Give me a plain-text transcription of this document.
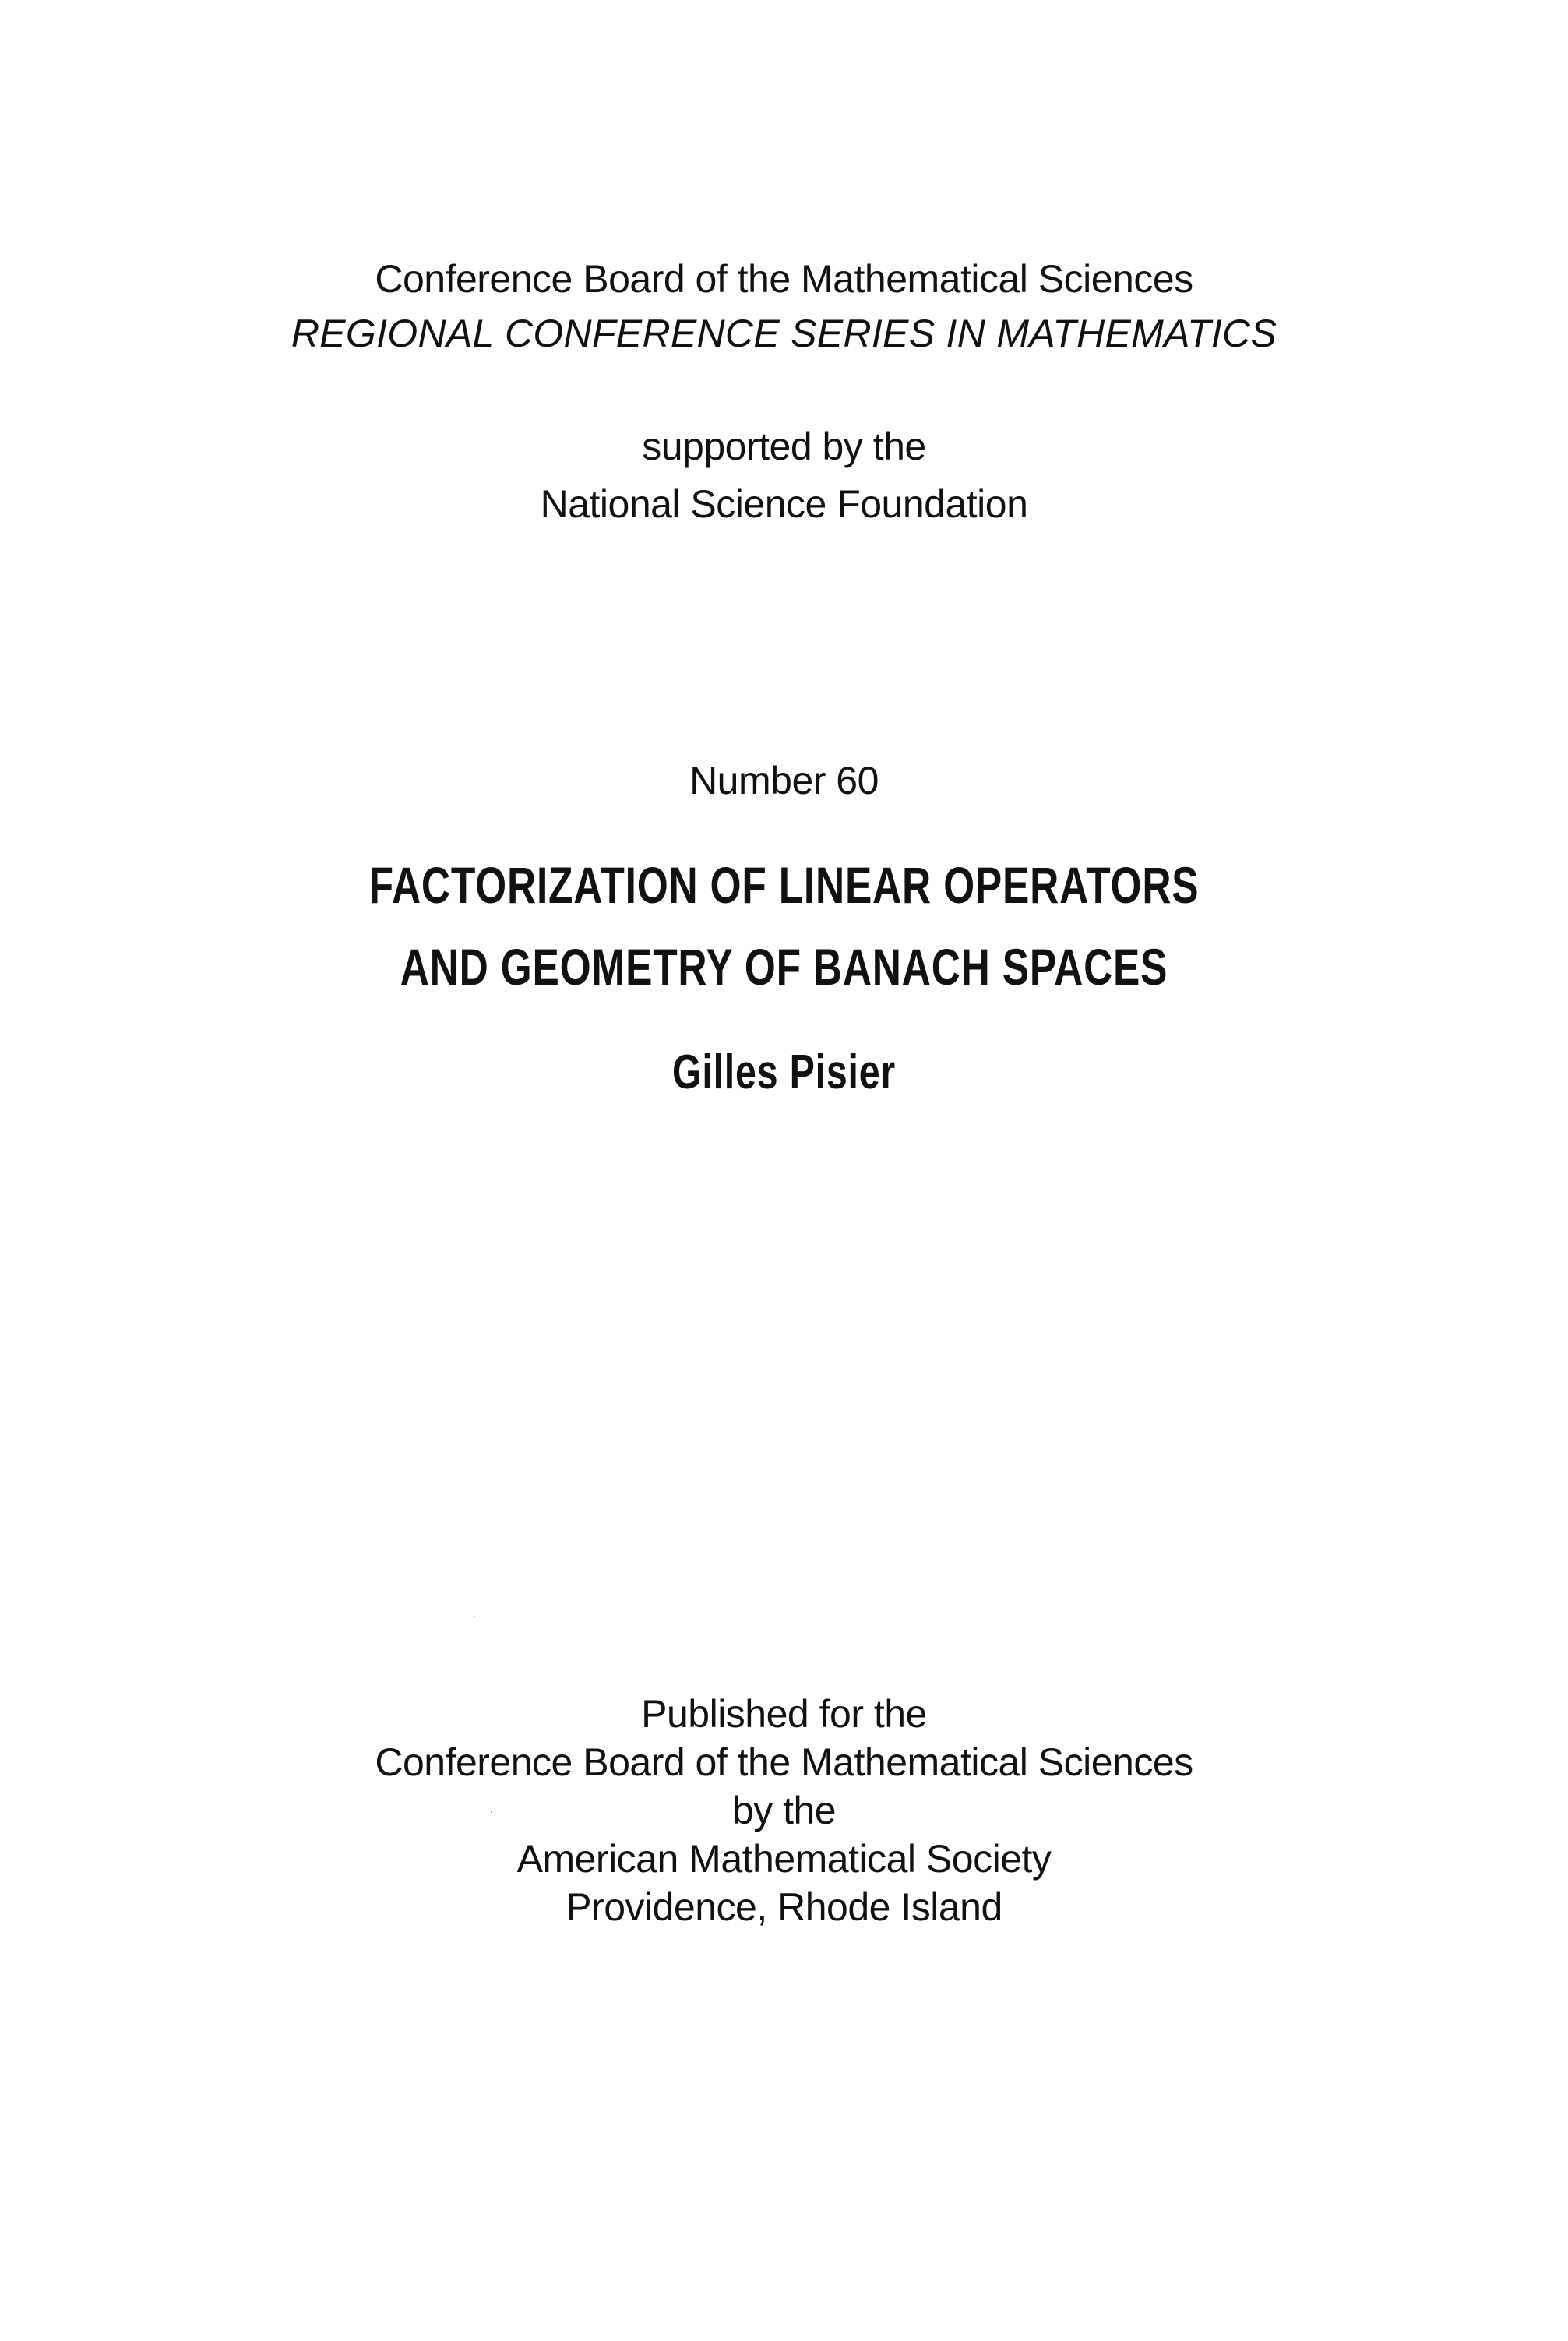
Conference Board of the Mathematical Sciences
REGIONAL CONFERENCE SERIES IN MATHEMATICS
supported by the
National Science Foundation
Number 60
FACTORIZATION OF LINEAR OPERATORS
AND GEOMETRY OF BANACH SPACES
Gilles Pisier
Published for the
Conference Board of the Mathematical Sciences
by the
American Mathematical Society
Providence, Rhode Island
